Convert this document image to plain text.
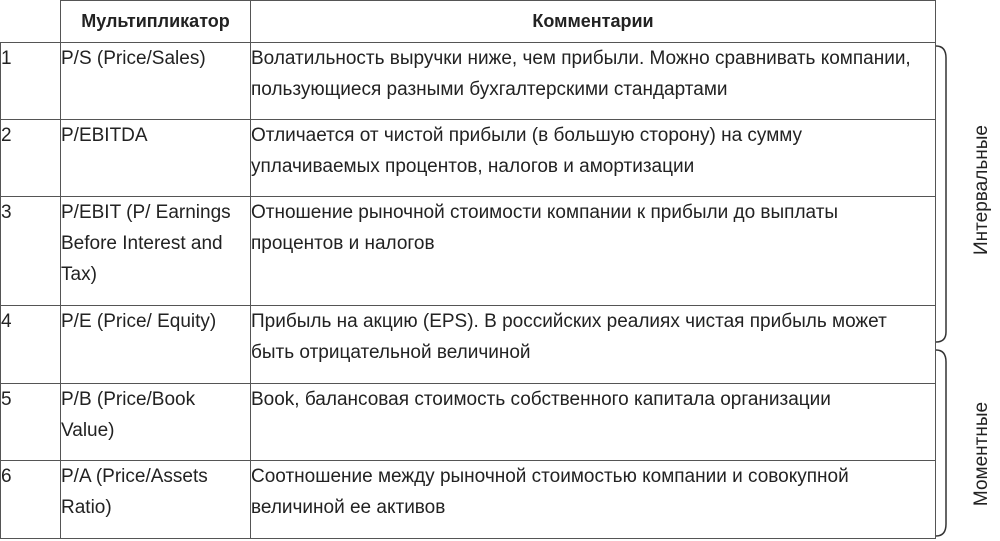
	Мультипликатор	Комментарии
1	P/S (Price/Sales)	Волатильность выручки ниже, чем прибыли. Можно сравнивать компании, пользующиеся разными бухгалтерскими стандартами
2	P/EBITDA	Отличается от чистой прибыли (в большую сторону) на сумму уплачиваемых процентов, налогов и амортизации
3	P/EBIT (P/ Earnings Before Interest and Tax)	Отношение рыночной стоимости компании к прибыли до выплаты процентов и налогов
4	P/E (Price/ Equity)	Прибыль на акцию (EPS). В российских реалиях чистая прибыль может быть отрицательной величиной
5	P/B (Price/Book Value)	Book, балансовая стоимость собственного капитала организации
6	P/A (Price/Assets Ratio)	Соотношение между рыночной стоимостью компании и совокупной величиной ее активов
Интервальные
Моментные
